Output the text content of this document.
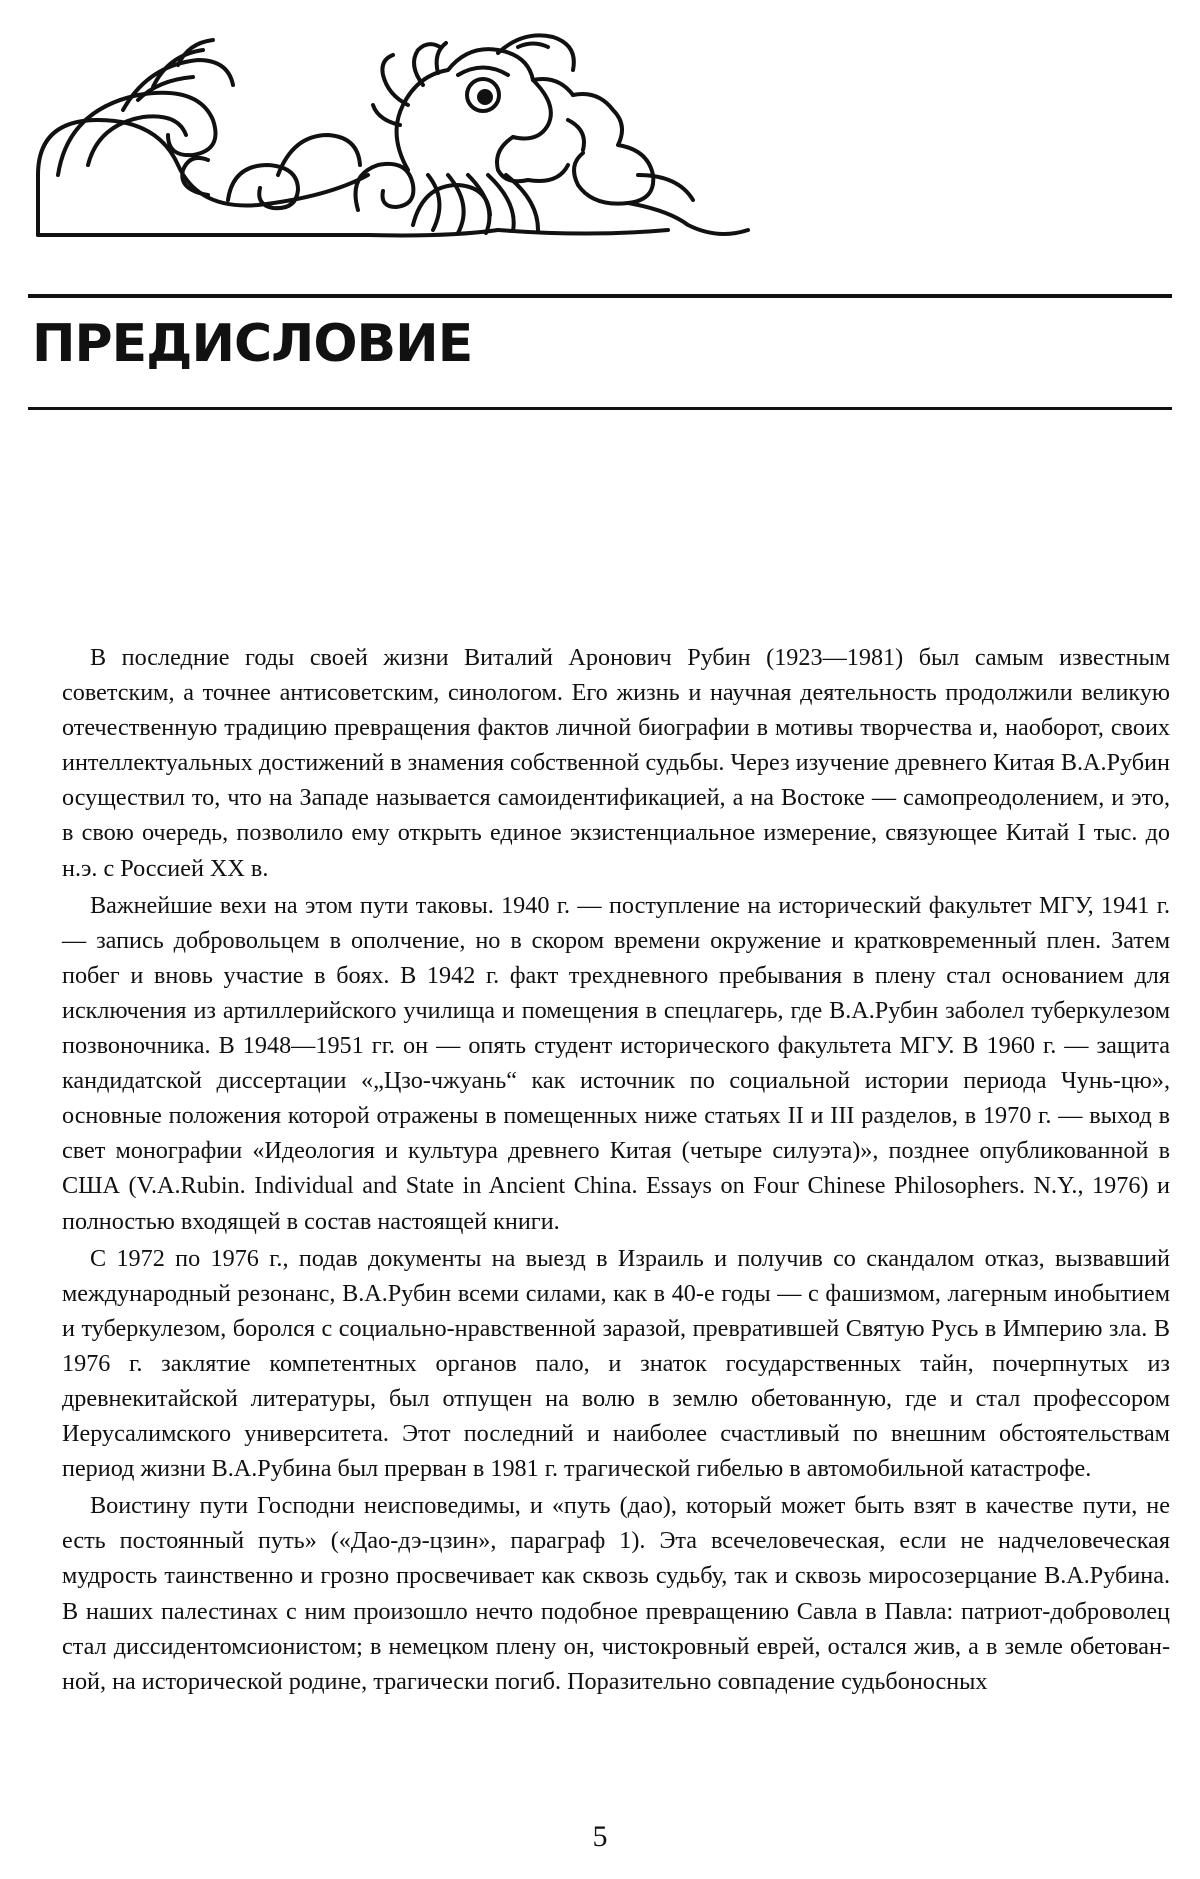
ПРЕДИСЛОВИЕ

В последние годы своей жизни Виталий Аронович Рубин (1923—1981) был самым известным советским, а точнее антисоветским, синологом. Его жизнь и научная деятельность продолжили великую отечественную традицию превращения фактов личной биографии в мотивы творчества и, наоборот, своих интеллектуальных достижений в знамения собственной судьбы. Через изучение древнего Китая В.А.Рубин осуществил то, что на Западе называется самоидентификацией, а на Востоке — самопреодолением, и это, в свою очередь, позволило ему открыть единое экзистенциальное измерение, связующее Китай I тыс. до н.э. с Россией XX в.

Важнейшие вехи на этом пути таковы. 1940 г. — поступление на исторический факультет МГУ, 1941 г. — запись добровольцем в ополчение, но в скором времени окружение и кратковременный плен. Затем побег и вновь участие в боях. В 1942 г. факт трехдневного пребывания в плену стал основанием для исключения из артиллерийского училища и помещения в спецлагерь, где В.А.Рубин заболел туберкулезом позвоночника. В 1948—1951 гг. он — опять студент исторического факультета МГУ. В 1960 г. — защита кандидатской диссертации «„Цзо-чжуань“ как источник по социальной истории периода Чунь-цю», основные положения которой отражены в помещенных ниже статьях II и III разделов, в 1970 г. — выход в свет монографии «Идеология и культура древнего Китая (четыре силуэта)», позднее опубликованной в США (V.A.Rubin. Individual and State in Ancient China. Essays on Four Chinese Philosophers. N.Y., 1976) и полностью входящей в состав настоящей книги.

С 1972 по 1976 г., подав документы на выезд в Израиль и получив со скандалом отказ, вызвавший международный резонанс, В.А.Рубин всеми силами, как в 40-е годы — с фашизмом, лагерным инобытием и туберкулезом, боролся с социально-нравственной заразой, превратившей Святую Русь в Империю зла. В 1976 г. заклятие компетентных органов пало, и знаток государственных тайн, почерпнутых из древнекитайской литературы, был отпущен на волю в землю обетованную, где и стал профессором Иерусалимского университета. Этот последний и наиболее счастливый по внешним обстоятельствам период жизни В.А.Рубина был прерван в 1981 г. трагической гибелью в автомобильной катастрофе.

Воистину пути Господни неисповедимы, и «путь (дао), который может быть взят в качестве пути, не есть постоянный путь» («Дао-дэ-цзин», параграф 1). Эта всечеловеческая, если не надчеловеческая мудрость таинственно и грозно просвечивает как сквозь судьбу, так и сквозь миросозерцание В.А.Рубина. В наших палестинах с ним произошло нечто подобное превращению Савла в Павла: патриот-доброволец стал диссидентомсионистом; в немецком плену он, чистокровный еврей, остался жив, а в земле обетованной, на исторической родине, трагически погиб. Поразительно совпадение судьбоносных

5
